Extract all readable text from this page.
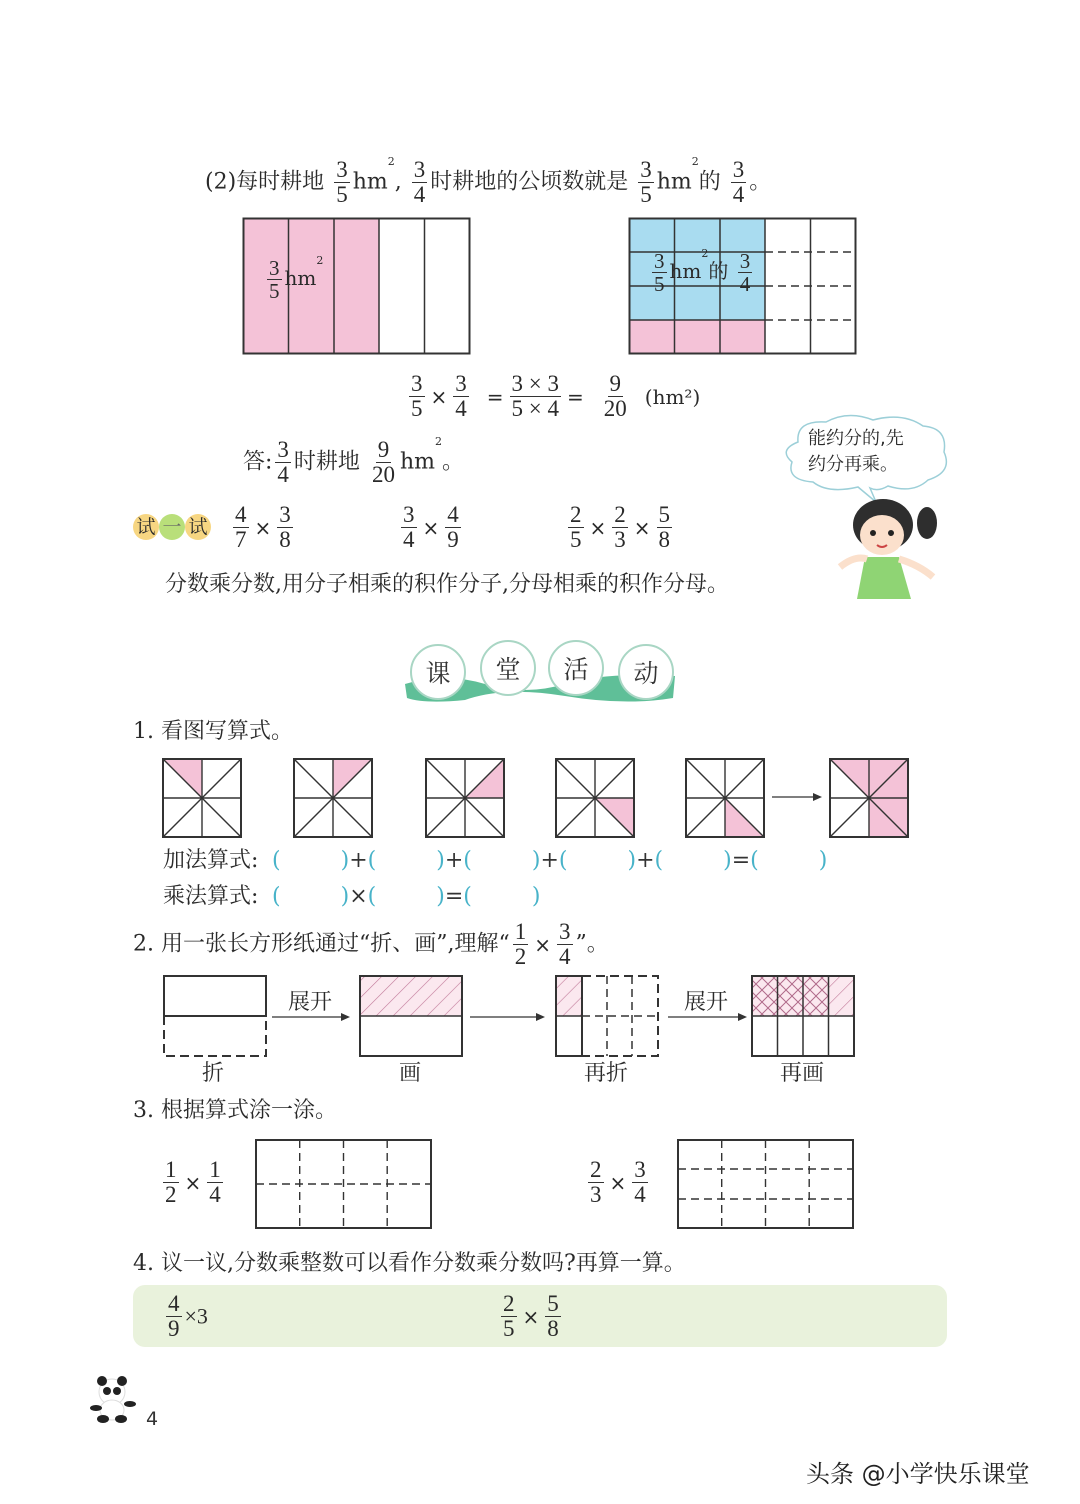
(2)每时耕地 $\frac{3}{5} hm^2$, $\frac{3}{4}$ 时耕地的公顷数就是 $\frac{3}{5} hm^2$的 $\frac{3}{4}$ 。
$\frac{3}{5} hm^2$	$\frac{3}{5} hm^2$的 $\frac{3}{4}$
$\frac{3}{5} \times \frac{3}{4} = \frac{3 \times 3}{5 \times 4} = \frac{9}{20} (hm^2)$
答: $\frac{3}{4}$ 时耕地 $\frac{9}{20} hm^2$。
能约分的,先
约分再乘。
试 一 试 $\frac{4}{7} \times \frac{3}{8}$	$\frac{3}{4} \times \frac{4}{9}$	$\frac{2}{5} \times \frac{2}{3} \times \frac{5}{8}$
分数乘分数,用分子相乘的积作分子,分母相乘的积作分母。
课	堂	活	动
1. 看图写算式。
加法算式: (	)+(	)+(	)+(	)+(	)=(	)
乘法算式: (	)×(	)=(	)
2. 用一张长方形纸通过“折、画”,理解“ $\frac{1}{2} \times \frac{3}{4}$ ”。
展开	展开
折	画	再折	再画
3. 根据算式涂一涂。
$\frac{1}{2} \times \frac{1}{4}$	$\frac{2}{3} \times \frac{3}{4}$
4. 议一议,分数乘整数可以看作分数乘分数吗?再算一算。
$\frac{4}{9} \times 3$	$\frac{2}{5} \times \frac{5}{8}$
4
头条 @小学快乐课堂
